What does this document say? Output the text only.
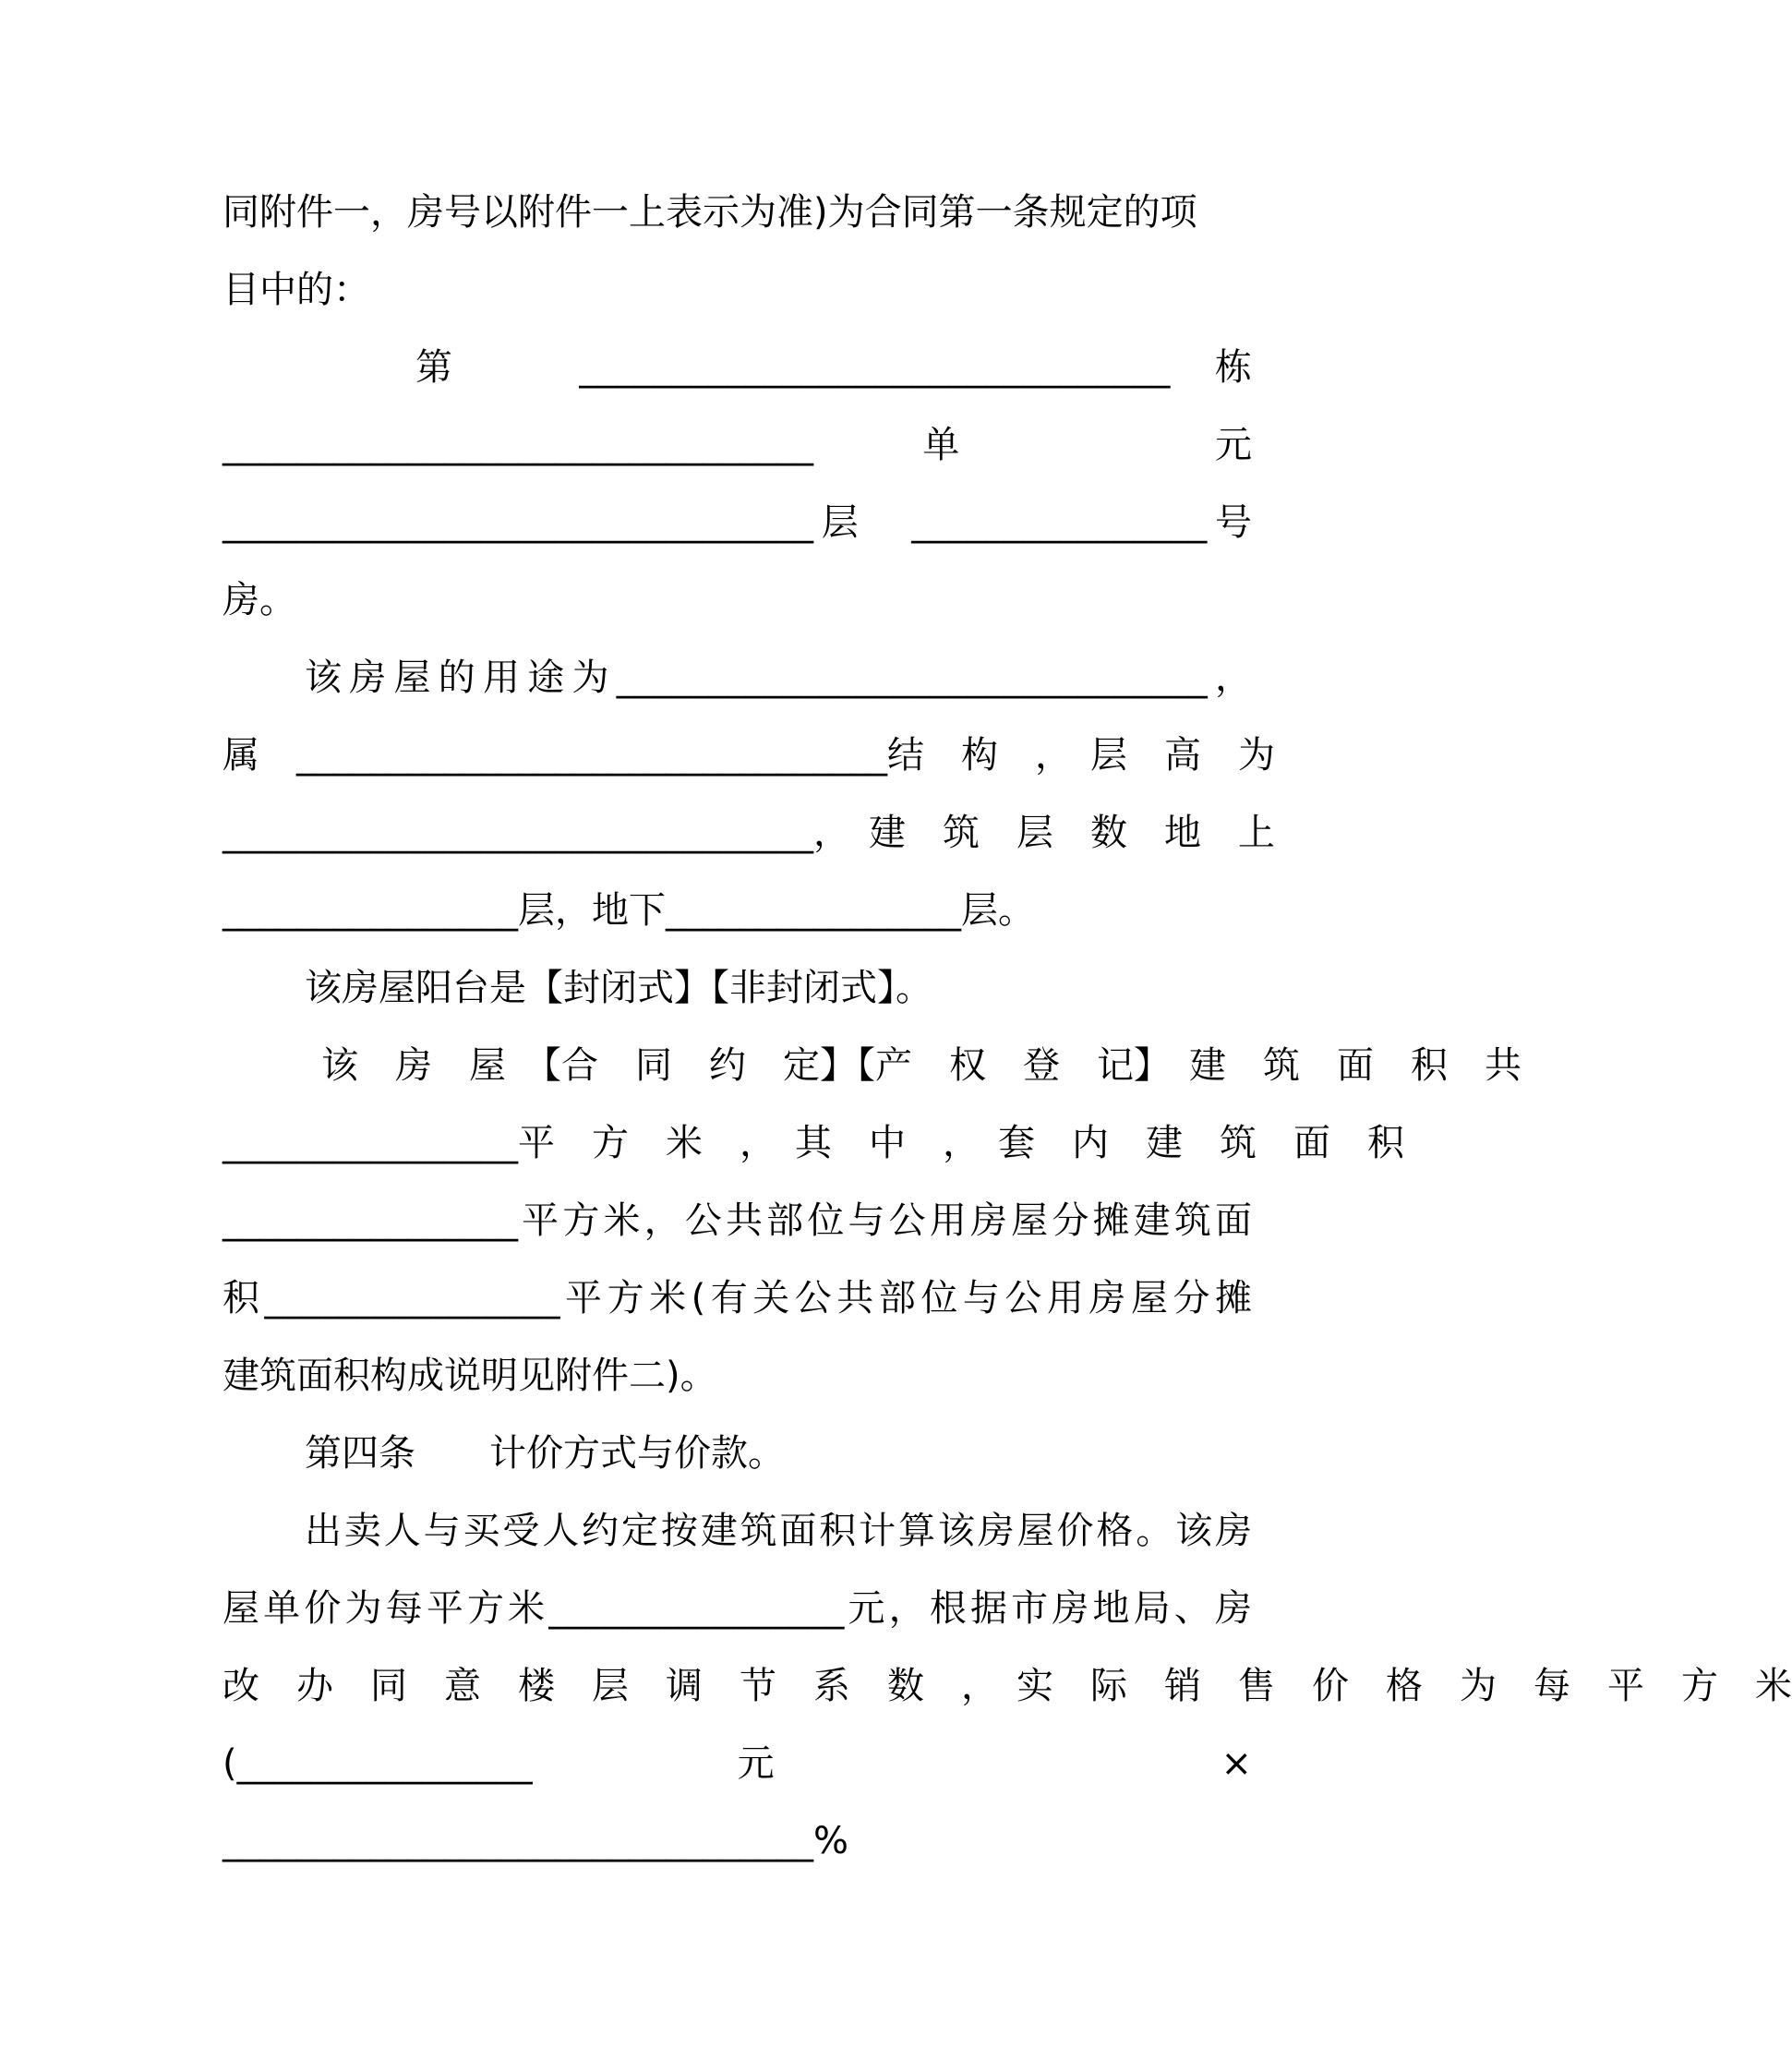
同附件一，房号以附件一上表示为准)为合同第一条规定的项
目中的：
第　________________________________栋
________________________________单　元
________________________________层　________________号
房。
该房屋的用途为________________________________，
属　________________________________结　构　，　层　高　为
________________________________，　建　筑　层　数　地　上
________________层，地下________________层。
该房屋阳台是【封闭式】【非封闭式】。
该　房　屋　【合　同　约　定】【产　权　登　记】　建　筑　面　积　共
________________平　方　米　，　其　中　，　套　内　建　筑　面　积
________________平方米，公共部位与公用房屋分摊建筑面
积________________平方米(有关公共部位与公用房屋分摊
建筑面积构成说明见附件二)。
第四条　　计价方式与价款。
出卖人与买受人约定按建筑面积计算该房屋价格。该房
屋单价为每平方米________________元，根据市房地局、房
改　办　同　意　楼　层　调　节　系　数　，　实　际　销　售　价　格　为　每　平　方　米
(________________元　×
________________________________%
